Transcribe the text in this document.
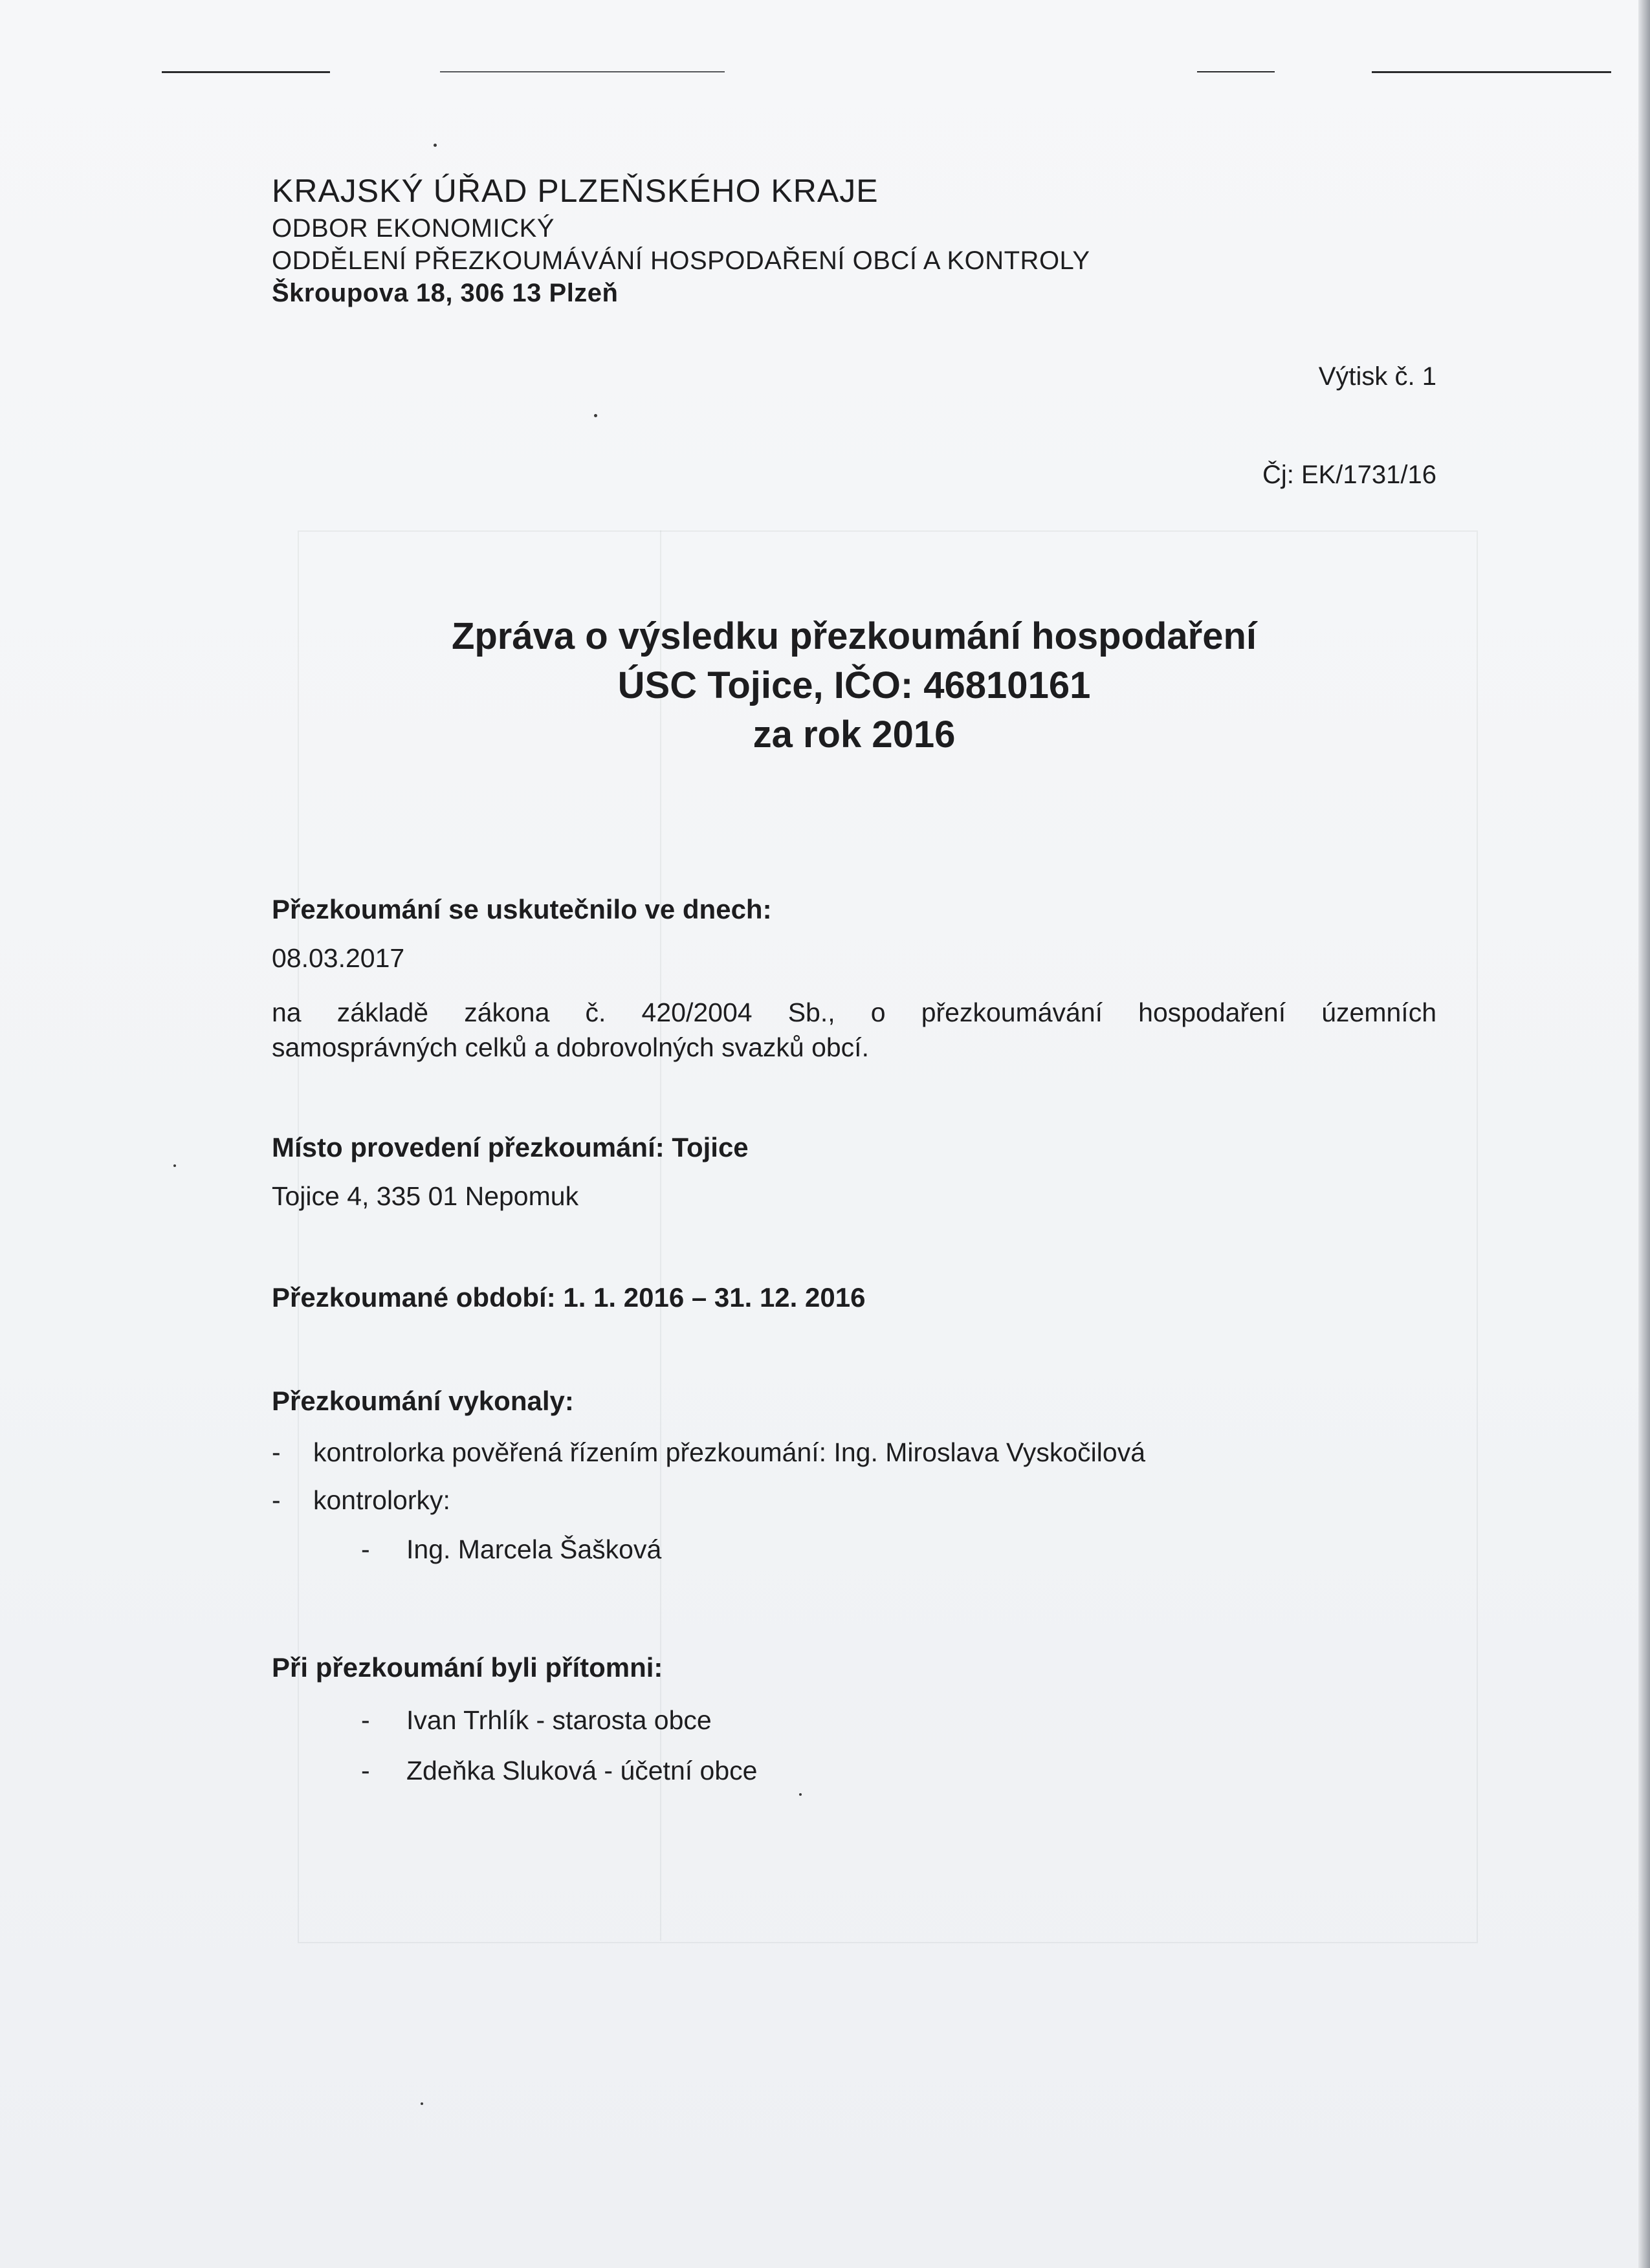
KRAJSKÝ ÚŘAD PLZEŇSKÉHO KRAJE

ODBOR EKONOMICKÝ

ODDĚLENÍ PŘEZKOUMÁVÁNÍ HOSPODAŘENÍ OBCÍ A KONTROLY

Škroupova 18, 306 13 Plzeň

Výtisk č. 1
Čj: EK/1731/16

Zpráva o výsledku přezkoumání hospodaření

ÚSC Tojice, IČO: 46810161

za rok 2016

Přezkoumání se uskutečnilo ve dnech:
08.03.2017
na základě zákona č. 420/2004 Sb., o přezkoumávání hospodaření územních
samosprávných celků a dobrovolných svazků obcí.
Místo provedení přezkoumání: Tojice
Tojice 4, 335 01 Nepomuk
Přezkoumané období: 1. 1. 2016 – 31. 12. 2016
Přezkoumání vykonaly:
- kontrolorka pověřená řízením přezkoumání: Ing. Miroslava Vyskočilová
- kontrolorky:
- Ing. Marcela Šašková
Při přezkoumání byli přítomni:
- Ivan Trhlík - starosta obce
- Zdeňka Sluková - účetní obce
